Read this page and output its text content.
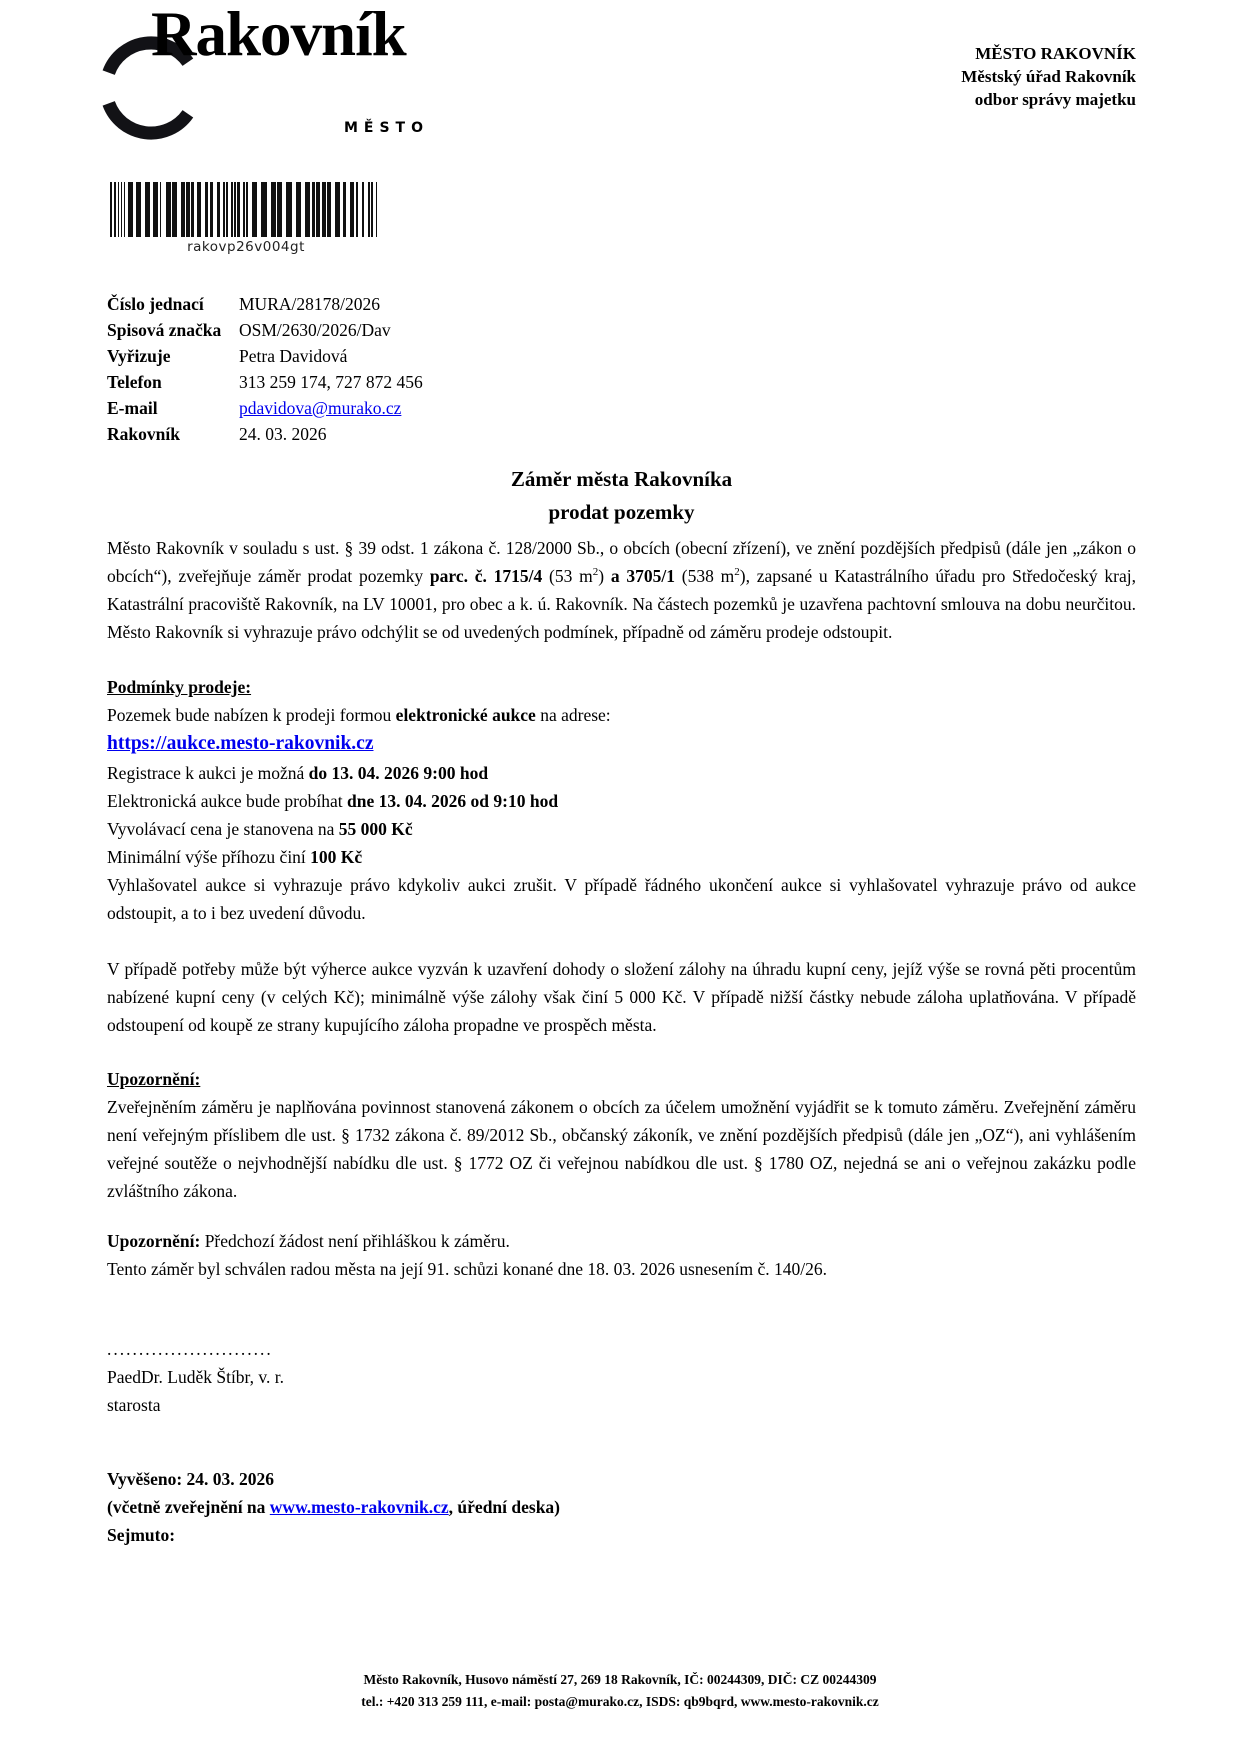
Rakovník
MĚSTO
MĚSTO RAKOVNÍK
Městský úřad Rakovník
odbor správy majetku
rakovp26v004gt
Číslo jednací	MURA/28178/2026
Spisová značka	OSM/2630/2026/Dav
Vyřizuje	Petra Davidová
Telefon	313 259 174, 727 872 456
E-mail	pdavidova@murako.cz
Rakovník	24. 03. 2026
Záměr města Rakovníka
prodat pozemky

Město Rakovník v souladu s ust. § 39 odst. 1 zákona č. 128/2000 Sb., o obcích (obecní zřízení), ve znění pozdějších předpisů (dále jen „zákon o obcích“), zveřejňuje záměr prodat pozemky parc. č. 1715/4 (53 $m^2$) a 3705/1 (538 $m^2$), zapsané u Katastrálního úřadu pro Středočeský kraj, Katastrální pracoviště Rakovník, na LV 10001, pro obec a k. ú. Rakovník. Na částech pozemků je uzavřena pachtovní smlouva na dobu neurčitou. Město Rakovník si vyhrazuje právo odchýlit se od uvedených podmínek, případně od záměru prodeje odstoupit.

Podmínky prodeje:
Pozemek bude nabízen k prodeji formou elektronické aukce na adrese:
https://aukce.mesto-rakovnik.cz
Registrace k aukci je možná do 13. 04. 2026 9:00 hod
Elektronická aukce bude probíhat dne 13. 04. 2026 od 9:10 hod
Vyvolávací cena je stanovena na 55 000 Kč
Minimální výše příhozu činí 100 Kč

Vyhlašovatel aukce si vyhrazuje právo kdykoliv aukci zrušit. V případě řádného ukončení aukce si vyhlašovatel vyhrazuje právo od aukce odstoupit, a to i bez uvedení důvodu.

V případě potřeby může být výherce aukce vyzván k uzavření dohody o složení zálohy na úhradu kupní ceny, jejíž výše se rovná pěti procentům nabízené kupní ceny (v celých Kč); minimálně výše zálohy však činí 5 000 Kč. V případě nižší částky nebude záloha uplatňována. V případě odstoupení od koupě ze strany kupujícího záloha propadne ve prospěch města.

Upozornění:

Zveřejněním záměru je naplňována povinnost stanovená zákonem o obcích za účelem umožnění vyjádřit se k tomuto záměru. Zveřejnění záměru není veřejným příslibem dle ust. § 1732 zákona č. 89/2012 Sb., občanský zákoník, ve znění pozdějších předpisů (dále jen „OZ“), ani vyhlášením veřejné soutěže o nejvhodnější nabídku dle ust. § 1772 OZ či veřejnou nabídkou dle ust. § 1780 OZ, nejedná se ani o veřejnou zakázku podle zvláštního zákona.

Upozornění: Předchozí žádost není přihláškou k záměru.
Tento záměr byl schválen radou města na její 91. schůzi konané dne 18. 03. 2026 usnesením č. 140/26.
..........................
PaedDr. Luděk Štíbr, v. r.
starosta
Vyvěšeno: 24. 03. 2026
(včetně zveřejnění na www.mesto-rakovnik.cz, úřední deska)
Sejmuto:
Město Rakovník, Husovo náměstí 27, 269 18 Rakovník, IČ: 00244309, DIČ: CZ 00244309
tel.: +420 313 259 111, e-mail: posta@murako.cz, ISDS: qb9bqrd, www.mesto-rakovnik.cz
